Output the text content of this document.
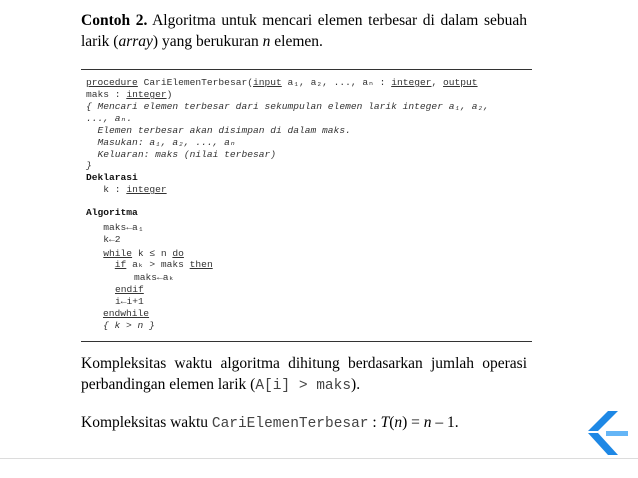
Contoh 2. Algoritma untuk mencari elemen terbesar di dalam sebuah larik (array) yang berukuran n elemen.
procedure CariElemenTerbesar(input a₁, a₂, ..., aₙ : integer, output
maks : integer)
{ Mencari elemen terbesar dari sekumpulan elemen larik integer a₁, a₂,
..., aₙ.
Elemen terbesar akan disimpan di dalam maks.
Masukan: a₁, a₂, ..., aₙ
Keluaran: maks (nilai terbesar)
}
Deklarasi
k : integer
Algoritma
maks←a₁
k←2
while k ≤ n do
if aₖ > maks then
maks←aₖ
endif
i←i+1
endwhile
{ k > n }
Kompleksitas waktu algoritma dihitung berdasarkan jumlah operasi perbandingan elemen larik (A[i] > maks).
Kompleksitas waktu CariElemenTerbesar : T(n) = n – 1.
